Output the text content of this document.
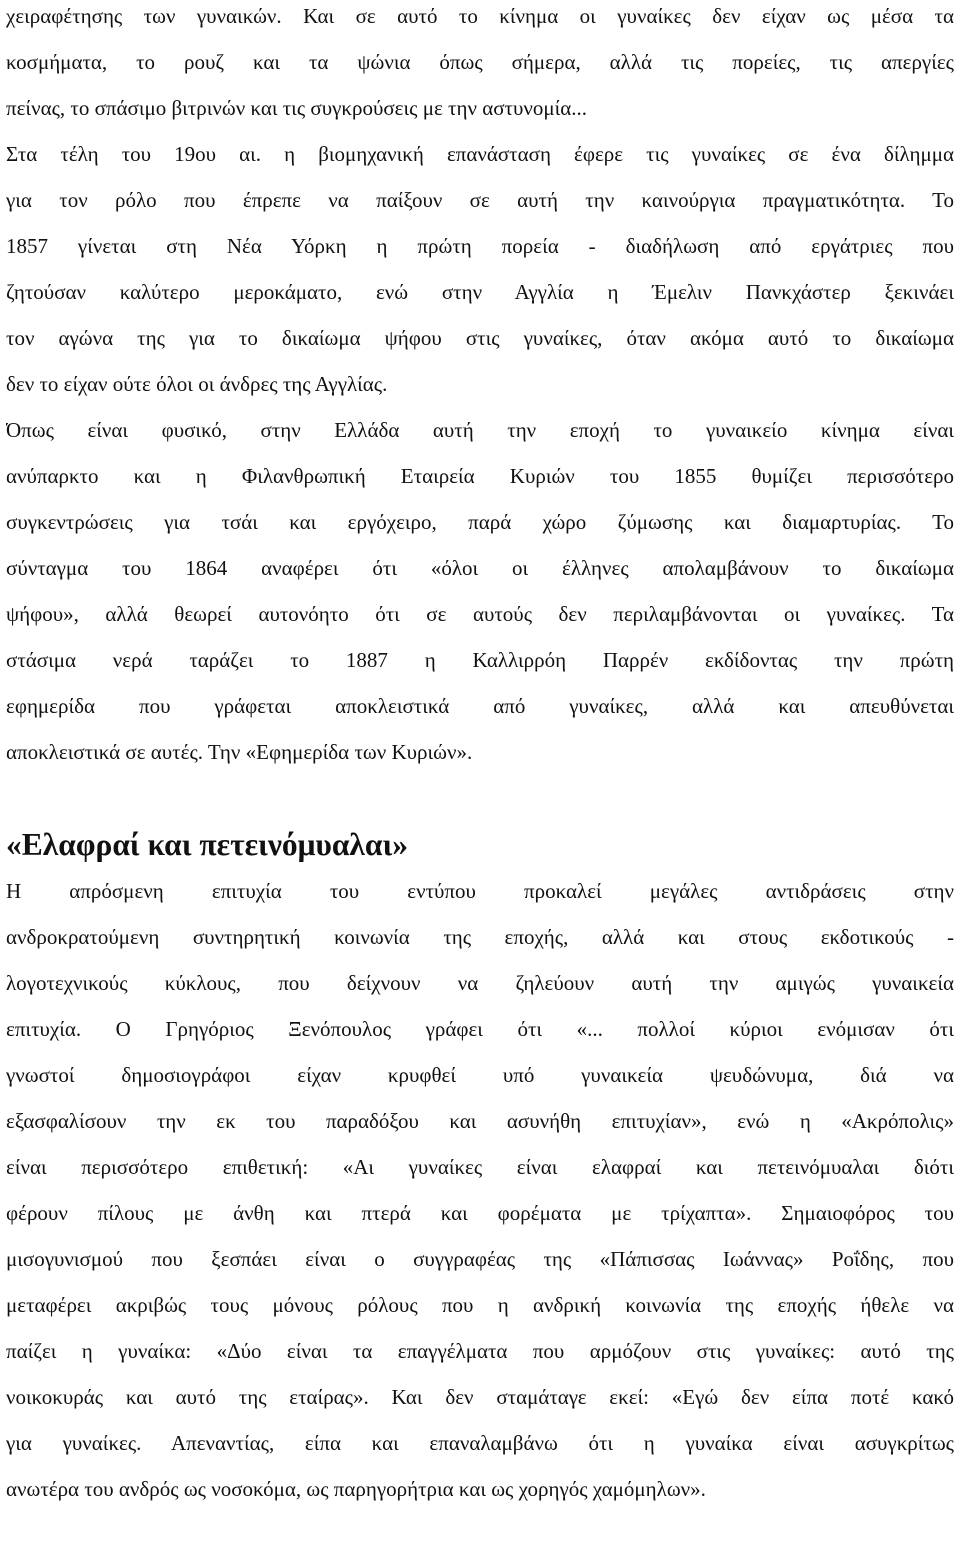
χειραφέτησης των γυναικών. Και σε αυτό το κίνημα οι γυναίκες δεν είχαν ως μέσα τα
κοσμήματα, το ρουζ και τα ψώνια όπως σήμερα, αλλά τις πορείες, τις απεργίες
πείνας, το σπάσιμο βιτρινών και τις συγκρούσεις με την αστυνομία...
Στα τέλη του 19ου αι. η βιομηχανική επανάσταση έφερε τις γυναίκες σε ένα δίλημμα
για τον ρόλο που έπρεπε να παίξουν σε αυτή την καινούργια πραγματικότητα. Το
1857 γίνεται στη Νέα Υόρκη η πρώτη πορεία - διαδήλωση από εργάτριες που
ζητούσαν καλύτερο μεροκάματο, ενώ στην Αγγλία η Έμελιν Πανκχάστερ ξεκινάει
τον αγώνα της για το δικαίωμα ψήφου στις γυναίκες, όταν ακόμα αυτό το δικαίωμα
δεν το είχαν ούτε όλοι οι άνδρες της Αγγλίας.
Όπως είναι φυσικό, στην Ελλάδα αυτή την εποχή το γυναικείο κίνημα είναι
ανύπαρκτο και η Φιλανθρωπική Εταιρεία Κυριών του 1855 θυμίζει περισσότερο
συγκεντρώσεις για τσάι και εργόχειρο, παρά χώρο ζύμωσης και διαμαρτυρίας. Το
σύνταγμα του 1864 αναφέρει ότι «όλοι οι έλληνες απολαμβάνουν το δικαίωμα
ψήφου», αλλά θεωρεί αυτονόητο ότι σε αυτούς δεν περιλαμβάνονται οι γυναίκες. Τα
στάσιμα νερά ταράζει το 1887 η Καλλιρρόη Παρρέν εκδίδοντας την πρώτη
εφημερίδα που γράφεται αποκλειστικά από γυναίκες, αλλά και απευθύνεται
αποκλειστικά σε αυτές. Την «Εφημερίδα των Κυριών».
«Ελαφραί και πετεινόμυαλαι»
Η απρόσμενη επιτυχία του εντύπου προκαλεί μεγάλες αντιδράσεις στην
ανδροκρατούμενη συντηρητική κοινωνία της εποχής, αλλά και στους εκδοτικούς -
λογοτεχνικούς κύκλους, που δείχνουν να ζηλεύουν αυτή την αμιγώς γυναικεία
επιτυχία. Ο Γρηγόριος Ξενόπουλος γράφει ότι «... πολλοί κύριοι ενόμισαν ότι
γνωστοί δημοσιογράφοι είχαν κρυφθεί υπό γυναικεία ψευδώνυμα, διά να
εξασφαλίσουν την εκ του παραδόξου και ασυνήθη επιτυχίαν», ενώ η «Ακρόπολις»
είναι περισσότερο επιθετική: «Αι γυναίκες είναι ελαφραί και πετεινόμυαλαι διότι
φέρουν πίλους με άνθη και πτερά και φορέματα με τρίχαπτα». Σημαιοφόρος του
μισογυνισμού που ξεσπάει είναι ο συγγραφέας της «Πάπισσας Ιωάννας» Ροΐδης, που
μεταφέρει ακριβώς τους μόνους ρόλους που η ανδρική κοινωνία της εποχής ήθελε να
παίζει η γυναίκα: «Δύο είναι τα επαγγέλματα που αρμόζουν στις γυναίκες: αυτό της
νοικοκυράς και αυτό της εταίρας». Και δεν σταμάταγε εκεί: «Εγώ δεν είπα ποτέ κακό
για γυναίκες. Απεναντίας, είπα και επαναλαμβάνω ότι η γυναίκα είναι ασυγκρίτως
ανωτέρα του ανδρός ως νοσοκόμα, ως παρηγορήτρια και ως χορηγός χαμόμηλων».
